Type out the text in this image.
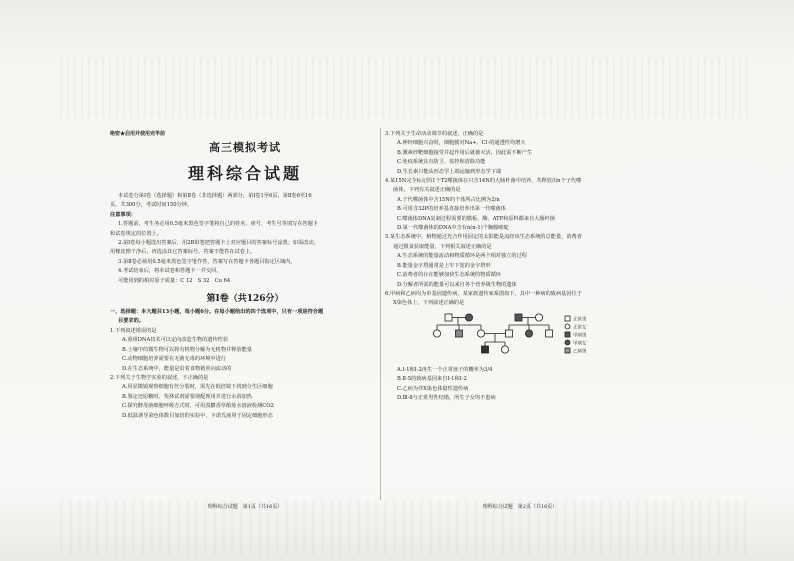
绝密★启用并使用完毕前
高三模拟考试
理科综合试题
本试卷分第Ⅰ卷（选择题）和第Ⅱ卷（非选择题）两部分，第Ⅰ卷1至6页，第Ⅱ卷6至16
页，共300分，考试时间150分钟。
注意事项：
1.答题前，考生务必用0.5毫米黑色签字笔将自己的姓名、座号、考生号等填写在答题卡
和试卷规定的位置上。
2.第Ⅰ卷每小题选出答案后，用2B铅笔把答题卡上对应题目的答案标号涂黑；如需改动，
用橡皮擦干净后，再选涂其它答案标号。答案不能答在试卷上。
3.第Ⅱ卷必须用0.5毫米黑色签字笔作答，答案写在答题卡各题目指定区域内。
4.考试结束后，将本试卷和答题卡一并交回。
可能用到的相对原子质量：C 12　S 32　Cu 64
第Ⅰ卷（共126分）
一、选择题：本大题共13小题，每小题6分。在每小题给出的四个选项中，只有一项是符合题
目要求的。
1.下列叙述错误的是
A.重组DNA技术可以定向改造生物的遗传性状
B.土壤中的微生物可以将有机物分解为无机物并释放能量
C.动物细胞培养需要在无菌无毒的环境中进行
D.在生态系统中，能量是沿着食物链单向流动的
2.下列关于生物学实验的叙述，不正确的是
A.用显微镜观察细胞有丝分裂时，需先在低倍镜下找到分生区细胞
B.鉴定还原糖时，斐林试剂需要现配现用并进行水浴加热
C.探究酵母菌细胞呼吸方式时，可用溴麝香草酚蓝水溶液检测CO2
D.低温诱导染色体数目加倍的实验中，卡诺氏液用于固定细胞形态
理科综合试题　第1页（共16页）
3.下列关于生命活动调节的叙述，正确的是
A.神经细胞兴奋时，细胞膜对Na+、Cl-的通透性均增大
B.激素经靶细胞接受并起作用后就被灭活，因此需不断产生
C.免疫系统具有防卫、监控和清除功能
D.生长素只能从形态学上端运输到形态学下端
4.某15N完全标记的1个T2噬菌体在只含14N的大肠杆菌中培养，共释放出n个子代噬
菌体，下列有关叙述正确的是
A.子代噬菌体中含15N的个体所占比例为2/n
B.可用含32P的培养基直接培养出第一代噬菌体
C.噬菌体DNA复制过程需要的模板、酶、ATP和原料都来自大肠杆菌
D.第一代噬菌体的DNA中含有n(n-1)个胸腺嘧啶
5.某生态系统中，植物通过光合作用固定的太阳能是流经该生态系统的总能量，消费者
通过摄食获取能量，下列相关叙述正确的是
A.生态系统的能量流动和物质循环是两个相对独立的过程
B.能量金字塔通常是上窄下宽的金字塔形
C.消费者的存在能够加快生态系统的物质循环
D.分解者所需的能量可以来自各个营养级生物的遗体
6.甲病和乙病均为单基因遗传病，某家族遗传家系图如下，其中一种病的致病基因位于
X染色体上，下列叙述正确的是
正常男
正常女
甲病男
甲病女
乙病男
A.Ⅰ-1和Ⅰ-2再生一个正常孩子的概率为3/4
B.Ⅱ-5的致病基因来自Ⅰ-1和Ⅰ-2
C.乙病为伴X染色体隐性遗传病
D.Ⅲ-8与正常男性结婚，所生子女均不患病
理科综合试题　第2页（共16页）
